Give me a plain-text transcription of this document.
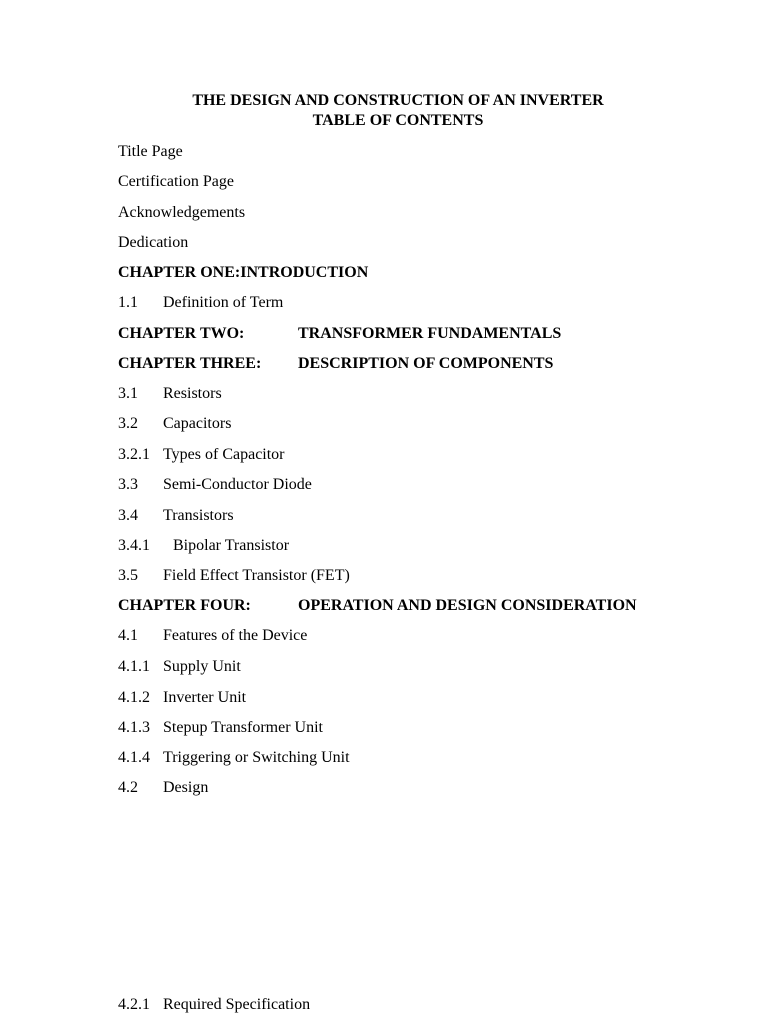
THE DESIGN AND CONSTRUCTION OF AN INVERTER
TABLE OF CONTENTS
Title Page
Certification Page
Acknowledgements
Dedication
CHAPTER ONE:INTRODUCTION
1.1 Definition of Term
CHAPTER TWO:	TRANSFORMER FUNDAMENTALS
CHAPTER THREE: DESCRIPTION OF COMPONENTS
3.1 Resistors
3.2 Capacitors
3.2.1 Types of Capacitor
3.3 Semi-Conductor Diode
3.4 Transistors
3.4.1 Bipolar Transistor
3.5 Field Effect Transistor (FET)
CHAPTER FOUR:	OPERATION AND DESIGN CONSIDERATION
4.1 Features of the Device
4.1.1 Supply Unit
4.1.2 Inverter Unit
4.1.3 Stepup Transformer Unit
4.1.4 Triggering or Switching Unit
4.2 Design
4.2.1 Required Specification
